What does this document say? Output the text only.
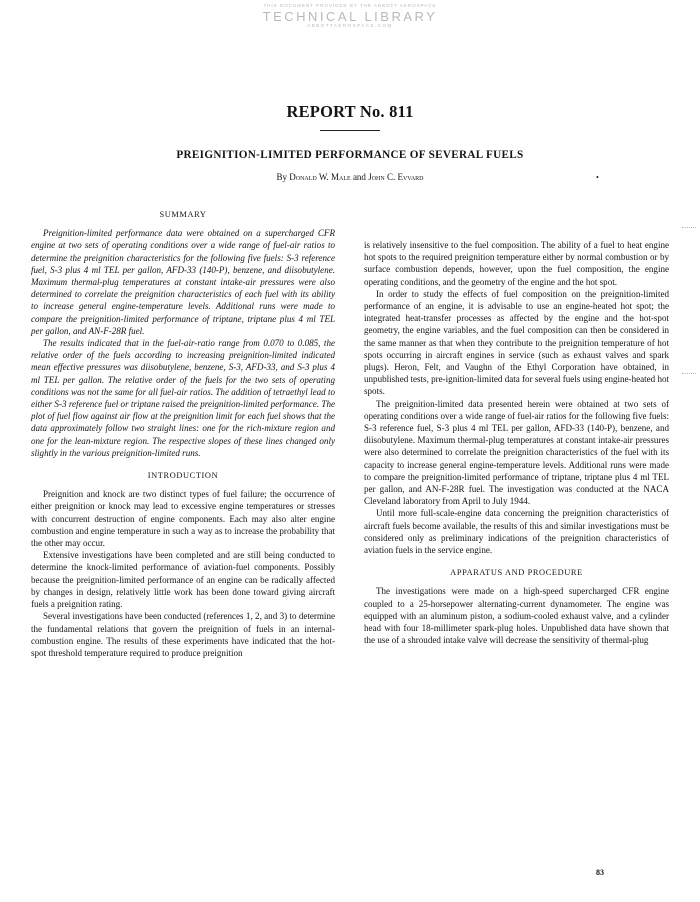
THIS DOCUMENT PROVIDED BY THE ABBOTT AEROSPACE
TECHNICAL LIBRARY
ABBOTTAEROSPACE.COM
REPORT No. 811
PREIGNITION-LIMITED PERFORMANCE OF SEVERAL FUELS
By Donald W. Male and John C. Evvard	•

SUMMARY

Preignition-limited performance data were obtained on a supercharged CFR engine at two sets of operating conditions over a wide range of fuel-air ratios to determine the preignition characteristics for the following five fuels: S-3 reference fuel, S-3 plus 4 ml TEL per gallon, AFD-33 (140-P), benzene, and diisobutylene. Maximum thermal-plug temperatures at constant intake-air pressures were also determined to correlate the preignition characteristics of each fuel with its ability to increase general engine-temperature levels. Additional runs were made to compare the preignition-limited performance of triptane, triptane plus 4 ml TEL per gallon, and AN-F-28R fuel.

The results indicated that in the fuel-air-ratio range from 0.070 to 0.085, the relative order of the fuels according to increasing preignition-limited indicated mean effective pressures was diisobutylene, benzene, S-3, AFD-33, and S-3 plus 4 ml TEL per gallon. The relative order of the fuels for the two sets of operating conditions was not the same for all fuel-air ratios. The addition of tetraethyl lead to either S-3 reference fuel or triptane raised the preignition-limited performance. The plot of fuel flow against air flow at the preignition limit for each fuel shows that the data approximately follow two straight lines: one for the rich-mixture region and one for the lean-mixture region. The respective slopes of these lines changed only slightly in the various preignition-limited runs.

INTRODUCTION

Preignition and knock are two distinct types of fuel failure; the occurrence of either preignition or knock may lead to excessive engine temperatures or stresses with concurrent destruction of engine components. Each may also alter engine combustion and engine temperature in such a way as to increase the probability that the other may occur.

Extensive investigations have been completed and are still being conducted to determine the knock-limited performance of aviation-fuel components. Possibly because the preignition-limited performance of an engine can be radically affected by changes in design, relatively little work has been done toward giving aircraft fuels a preignition rating.

Several investigations have been conducted (references 1, 2, and 3) to determine the fundamental relations that govern the preignition of fuels in an internal-combustion engine. The results of these experiments have indicated that the hot-spot threshold temperature required to produce preignition

is relatively insensitive to the fuel composition. The ability of a fuel to heat engine hot spots to the required preignition temperature either by normal combustion or by surface combustion depends, however, upon the fuel composition, the engine operating conditions, and the geometry of the engine and the hot spot.

In order to study the effects of fuel composition on the preignition-limited performance of an engine, it is advisable to use an engine-heated hot spot; the integrated heat-transfer processes as affected by the engine and the hot-spot geometry, the engine variables, and the fuel composition can then be considered in the same manner as that when they contribute to the preignition temperature of hot spots occurring in aircraft engines in service (such as exhaust valves and spark plugs). Heron, Felt, and Vaughn of the Ethyl Corporation have obtained, in unpublished tests, pre-ignition-limited data for several fuels using engine-heated hot spots.

The preignition-limited data presented herein were obtained at two sets of operating conditions over a wide range of fuel-air ratios for the following five fuels: S-3 reference fuel, S-3 plus 4 ml TEL per gallon, AFD-33 (140-P), benzene, and diisobutylene. Maximum thermal-plug temperatures at constant intake-air pressures were also determined to correlate the preignition characteristics of the fuel with its capacity to increase general engine-temperature levels. Additional runs were made to compare the preignition-limited performance of triptane, triptane plus 4 ml TEL per gallon, and AN-F-28R fuel. The investigation was conducted at the NACA Cleveland laboratory from April to July 1944.

Until more full-scale-engine data concerning the preignition characteristics of aircraft fuels become available, the results of this and similar investigations must be considered only as preliminary indications of the preignition characteristics of aviation fuels in the service engine.

APPARATUS AND PROCEDURE

The investigations were made on a high-speed supercharged CFR engine coupled to a 25-horsepower alternating-current dynamometer. The engine was equipped with an aluminum piston, a sodium-cooled exhaust valve, and a cylinder head with four 18-millimeter spark-plug holes. Unpublished data have shown that the use of a shrouded intake valve will decrease the sensitivity of thermal-plug

83
